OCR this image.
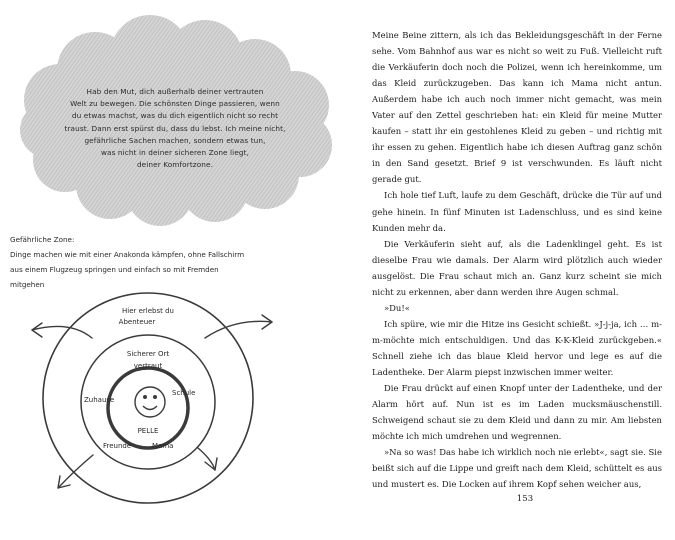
Hab den Mut, dich außerhalb deiner vertrauten
Welt zu bewegen. Die schönsten Dinge passieren, wenn
du etwas machst, was du dich eigentlich nicht so recht
traust. Dann erst spürst du, dass du lebst. Ich meine nicht,
gefährliche Sachen machen, sondern etwas tun,
was nicht in deiner sicheren Zone liegt,
deiner Komfortzone.

Gefährliche Zone:

Dinge machen wie mit einer Anakonda kämpfen, ohne Fallschirm

aus einem Flugzeug springen und einfach so mit Fremden

mitgehen

Hier erlebst du
Abenteuer
Sicherer Ort
vertraut
Zuhause
Schule
PELLE
Freunde	Mama

Meine Beine zittern, als ich das Bekleidungsgeschäft in der Ferne sehe. Vom Bahnhof aus war es nicht so weit zu Fuß. Vielleicht ruft die Verkäuferin doch noch die Polizei, wenn ich hereinkomme, um das Kleid zurückzugeben. Das kann ich Mama nicht antun. Außerdem habe ich auch noch immer nicht gemacht, was mein Vater auf den Zettel geschrieben hat: ein Kleid für meine Mutter kaufen – statt ihr ein gestohlenes Kleid zu geben – und richtig mit ihr essen zu gehen. Eigentlich habe ich diesen Auftrag ganz schön in den Sand gesetzt. Brief 9 ist verschwunden. Es läuft nicht gerade gut.

Ich hole tief Luft, laufe zu dem Geschäft, drücke die Tür auf und gehe hinein. In fünf Minuten ist Ladenschluss, und es sind keine Kunden mehr da.

Die Verkäuferin sieht auf, als die Ladenklingel geht. Es ist dieselbe Frau wie damals. Der Alarm wird plötzlich auch wieder ausgelöst. Die Frau schaut mich an. Ganz kurz scheint sie mich nicht zu erkennen, aber dann werden ihre Augen schmal.

»Du!«

Ich spüre, wie mir die Hitze ins Gesicht schießt. »J-j-ja, ich … m-m-möchte mich entschuldigen. Und das K-K-Kleid zurückgeben.« Schnell ziehe ich das blaue Kleid hervor und lege es auf die Ladentheke. Der Alarm piepst inzwischen immer weiter.

Die Frau drückt auf einen Knopf unter der Ladentheke, und der Alarm hört auf. Nun ist es im Laden mucksmäuschenstill. Schweigend schaut sie zu dem Kleid und dann zu mir. Am liebsten möchte ich mich umdrehen und wegrennen.

»Na so was! Das habe ich wirklich noch nie erlebt«, sagt sie. Sie beißt sich auf die Lippe und greift nach dem Kleid, schüttelt es aus und mustert es. Die Locken auf ihrem Kopf sehen weicher aus,

153
